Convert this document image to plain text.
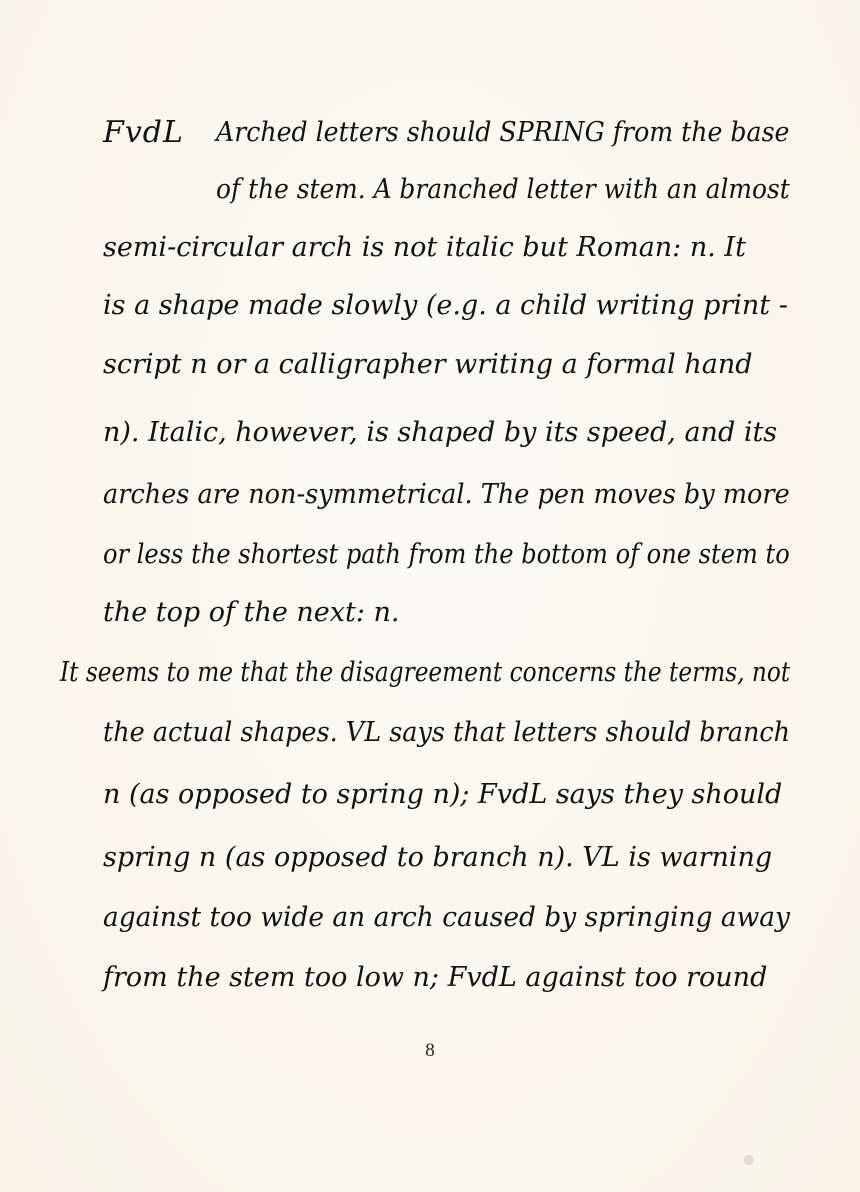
FvdL Arched letters should SPRING from the base
of the stem. A branched letter with an almost
semi-circular arch is not italic but Roman: n. It
is a shape made slowly (e.g. a child writing print -
script n or a calligrapher writing a formal hand
n). Italic, however, is shaped by its speed, and its
arches are non-symmetrical. The pen moves by more
or less the shortest path from the bottom of one stem to
the top of the next: n.
It seems to me that the disagreement concerns the terms, not
the actual shapes. VL says that letters should branch
n (as opposed to spring n); FvdL says they should
spring n (as opposed to branch n). VL is warning
against too wide an arch caused by springing away
from the stem too low n; FvdL against too round
8
